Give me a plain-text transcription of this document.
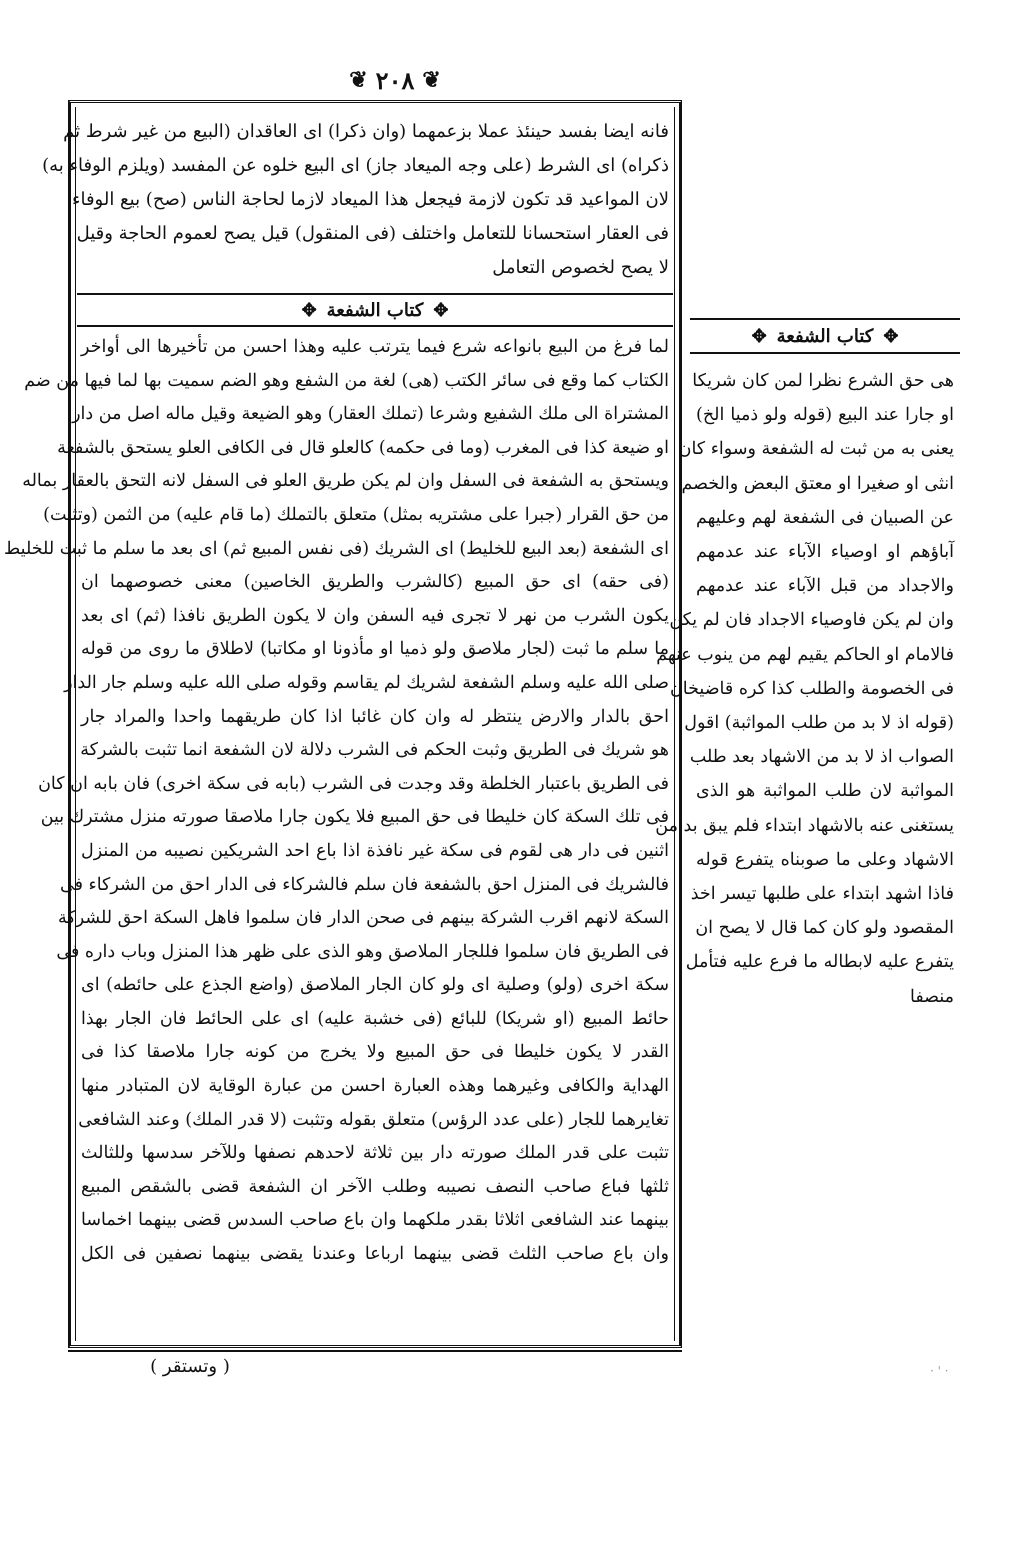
❦
٢٠٨
❦
فانه ايضا بفسد حينئذ عملا بزعمهما (وان ذكرا) اى العاقدان (البيع من غير شرط ثم
ذكراه) اى الشرط (على وجه الميعاد جاز) اى البيع خلوه عن المفسد (ويلزم الوفاء به)
لان المواعيد قد تكون لازمة فيجعل هذا الميعاد لازما لحاجة الناس (صح) بيع الوفاء
فى العقار استحسانا للتعامل واختلف (فى المنقول) قيل يصح لعموم الحاجة وقيل
لا يصح لخصوص التعامل
✥
كتاب الشفعة
✥
لما فرغ من البيع بانواعه شرع فيما يترتب عليه وهذا احسن من تأخيرها الى أواخر
الكتاب كما وقع فى سائر الكتب (هى) لغة من الشفع وهو الضم سميت بها لما فيها من ضم
المشتراة الى ملك الشفيع وشرعا (تملك العقار) وهو الضيعة وقيل ماله اصل من دار
او ضيعة كذا فى المغرب (وما فى حكمه) كالعلو قال فى الكافى العلو يستحق بالشفعة
ويستحق به الشفعة فى السفل وان لم يكن طريق العلو فى السفل لانه التحق بالعقار بماله
من حق القرار (جبرا على مشتريه بمثل) متعلق بالتملك (ما قام عليه) من الثمن (وتثبت)
اى الشفعة (بعد البيع للخليط) اى الشريك (فى نفس المبيع ثم) اى بعد ما سلم ما ثبت للخليط
(فى حقه) اى حق المبيع (كالشرب والطريق الخاصين) معنى خصوصهما ان
يكون الشرب من نهر لا تجرى فيه السفن وان لا يكون الطريق نافذا (ثم) اى بعد
ما سلم ما ثبت (لجار ملاصق ولو ذميا او مأذونا او مكاتبا) لاطلاق ما روى من قوله
صلى الله عليه وسلم الشفعة لشريك لم يقاسم وقوله صلى الله عليه وسلم جار الدار
احق بالدار والارض ينتظر له وان كان غائبا اذا كان طريقهما واحدا والمراد جار
هو شريك فى الطريق وثبت الحكم فى الشرب دلالة لان الشفعة انما تثبت بالشركة
فى الطريق باعتبار الخلطة وقد وجدت فى الشرب (بابه فى سكة اخرى) فان بابه ان كان
فى تلك السكة كان خليطا فى حق المبيع فلا يكون جارا ملاصقا صورته منزل مشترك بين
اثنين فى دار هى لقوم فى سكة غير نافذة اذا باع احد الشريكين نصيبه من المنزل
فالشريك فى المنزل احق بالشفعة فان سلم فالشركاء فى الدار احق من الشركاء فى
السكة لانهم اقرب الشركة بينهم فى صحن الدار فان سلموا فاهل السكة احق للشركة
فى الطريق فان سلموا فللجار الملاصق وهو الذى على ظهر هذا المنزل وباب داره فى
سكة اخرى (ولو) وصلية اى ولو كان الجار الملاصق (واضع الجذع على حائطه) اى
حائط المبيع (او شريكا) للبائع (فى خشبة عليه) اى على الحائط فان الجار بهذا
القدر لا يكون خليطا فى حق المبيع ولا يخرج من كونه جارا ملاصقا كذا فى
الهداية والكافى وغيرهما وهذه العبارة احسن من عبارة الوقاية لان المتبادر منها
تغايرهما للجار (على عدد الرؤس) متعلق بقوله وتثبت (لا قدر الملك) وعند الشافعى
تثبت على قدر الملك صورته دار بين ثلاثة لاحدهم نصفها وللآخر سدسها وللثالث
ثلثها فباع صاحب النصف نصيبه وطلب الآخر ان الشفعة قضى بالشقص المبيع
بينهما عند الشافعى اثلاثا بقدر ملكهما وان باع صاحب السدس قضى بينهما اخماسا
وان باع صاحب الثلث قضى بينهما ارباعا وعندنا يقضى بينهما نصفين فى الكل
✥
كتاب الشفعة
✥
هى حق الشرع نظرا لمن كان شريكا
او جارا عند البيع (قوله ولو ذميا الخ)
يعنى به من ثبت له الشفعة وسواء كان
انثى او صغيرا او معتق البعض والخصم
عن الصبيان فى الشفعة لهم وعليهم
آباؤهم او اوصياء الآباء عند عدمهم
والاجداد من قبل الآباء عند عدمهم
وان لم يكن فاوصياء الاجداد فان لم يكن
فالامام او الحاكم يقيم لهم من ينوب عنهم
فى الخصومة والطلب كذا كره قاضيخان
(قوله اذ لا بد من طلب المواثبة) اقول
الصواب اذ لا بد من الاشهاد بعد طلب
المواثبة لان طلب المواثبة هو الذى
يستغنى عنه بالاشهاد ابتداء فلم يبق بد من
الاشهاد وعلى ما صوبناه يتفرع قوله
فاذا اشهد ابتداء على طلبها تيسر اخذ
المقصود ولو كان كما قال لا يصح ان
يتفرع عليه لابطاله ما فرع عليه فتأمل
منصفا
( وتستقر )	· ' ·
